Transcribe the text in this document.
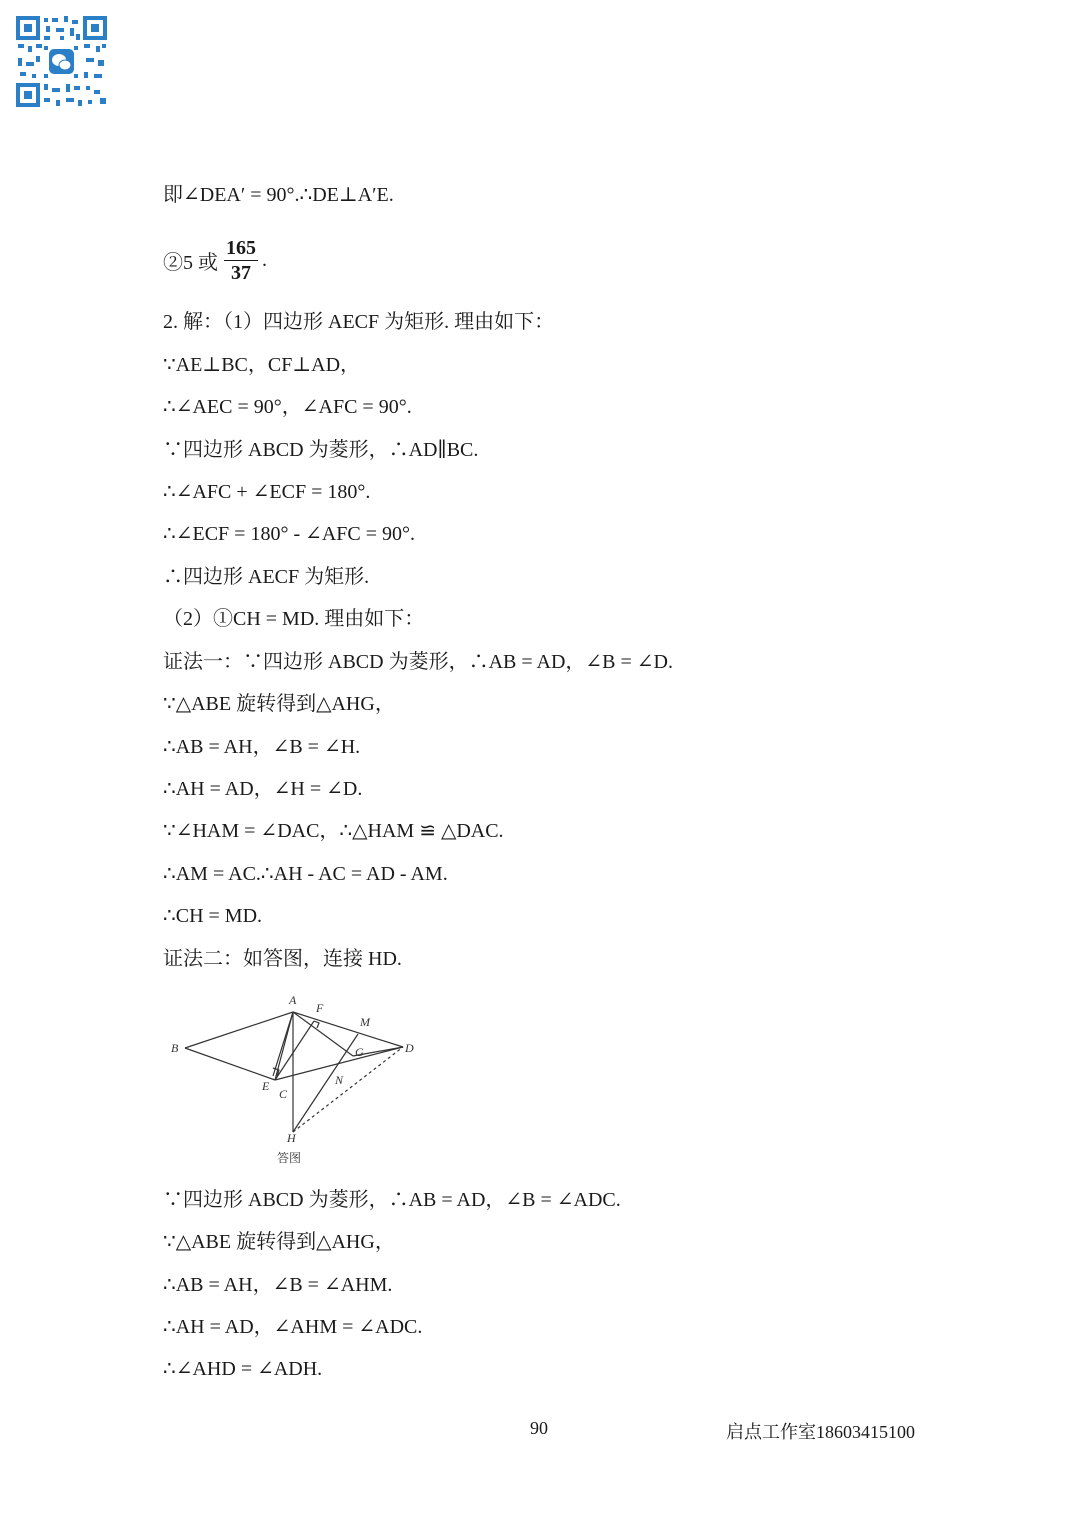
即∠DEA′ = 90°.∴DE⊥A′E.
②5 或 $\frac{165}{37}$ .
2. 解：（1）四边形 AECF 为矩形. 理由如下：
∵AE⊥BC，CF⊥AD，
∴∠AEC = 90°，∠AFC = 90°.
∵四边形 ABCD 为菱形，∴AD∥BC.
∴∠AFC + ∠ECF = 180°.
∴∠ECF = 180° - ∠AFC = 90°.
∴四边形 AECF 为矩形.
（2）①CH = MD. 理由如下：
证法一：∵四边形 ABCD 为菱形，∴AB = AD，∠B = ∠D.
∵△ABE 旋转得到△AHG，
∴AB = AH，∠B = ∠H.
∴AH = AD，∠H = ∠D.
∵∠HAM = ∠DAC，∴△HAM ≌ △DAC.
∴AM = AC.∴AH - AC = AD - AM.
∴CH = MD.
证法二：如答图，连接 HD.
A
B
C
D
E
F
G
H
M
N
答图
∵四边形 ABCD 为菱形，∴AB = AD，∠B = ∠ADC.
∵△ABE 旋转得到△AHG，
∴AB = AH，∠B = ∠AHM.
∴AH = AD，∠AHM = ∠ADC.
∴∠AHD = ∠ADH.
90	启点工作室18603415100
